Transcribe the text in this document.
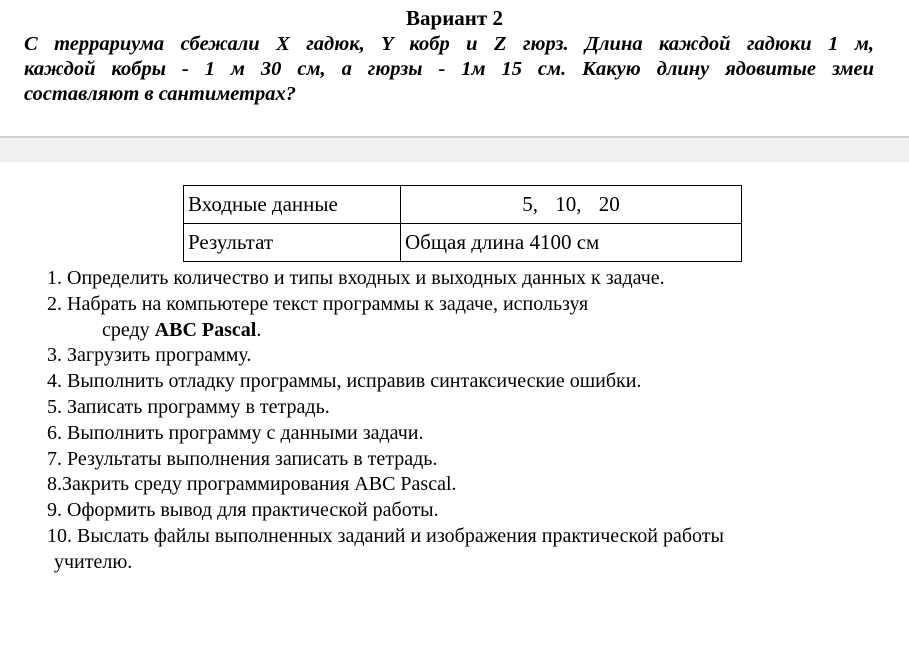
Вариант 2
С террариума сбежали X гадюк, Y кобр и Z гюрз. Длина каждой гадюки 1 м,
каждой кобры - 1 м 30 см, а гюрзы - 1м 15 см. Какую длину ядовитые змеи
составляют в сантиметрах?
Входные данные	5, 10, 20
Результат	Общая длина 4100 см
1. Определить количество и типы входных и выходных данных к задаче.
2. Набрать на компьютере текст программы к задаче, используя
среду ABC Pascal.
3. Загрузить программу.
4. Выполнить отладку программы, исправив синтаксические ошибки.
5. Записать программу в тетрадь.
6. Выполнить программу с данными задачи.
7. Результаты выполнения записать в тетрадь.
8.Закрить среду программирования ABC Pascal.
9. Оформить вывод для практической работы.
10. Выслать файлы выполненных заданий и изображения практической работы
учителю.
